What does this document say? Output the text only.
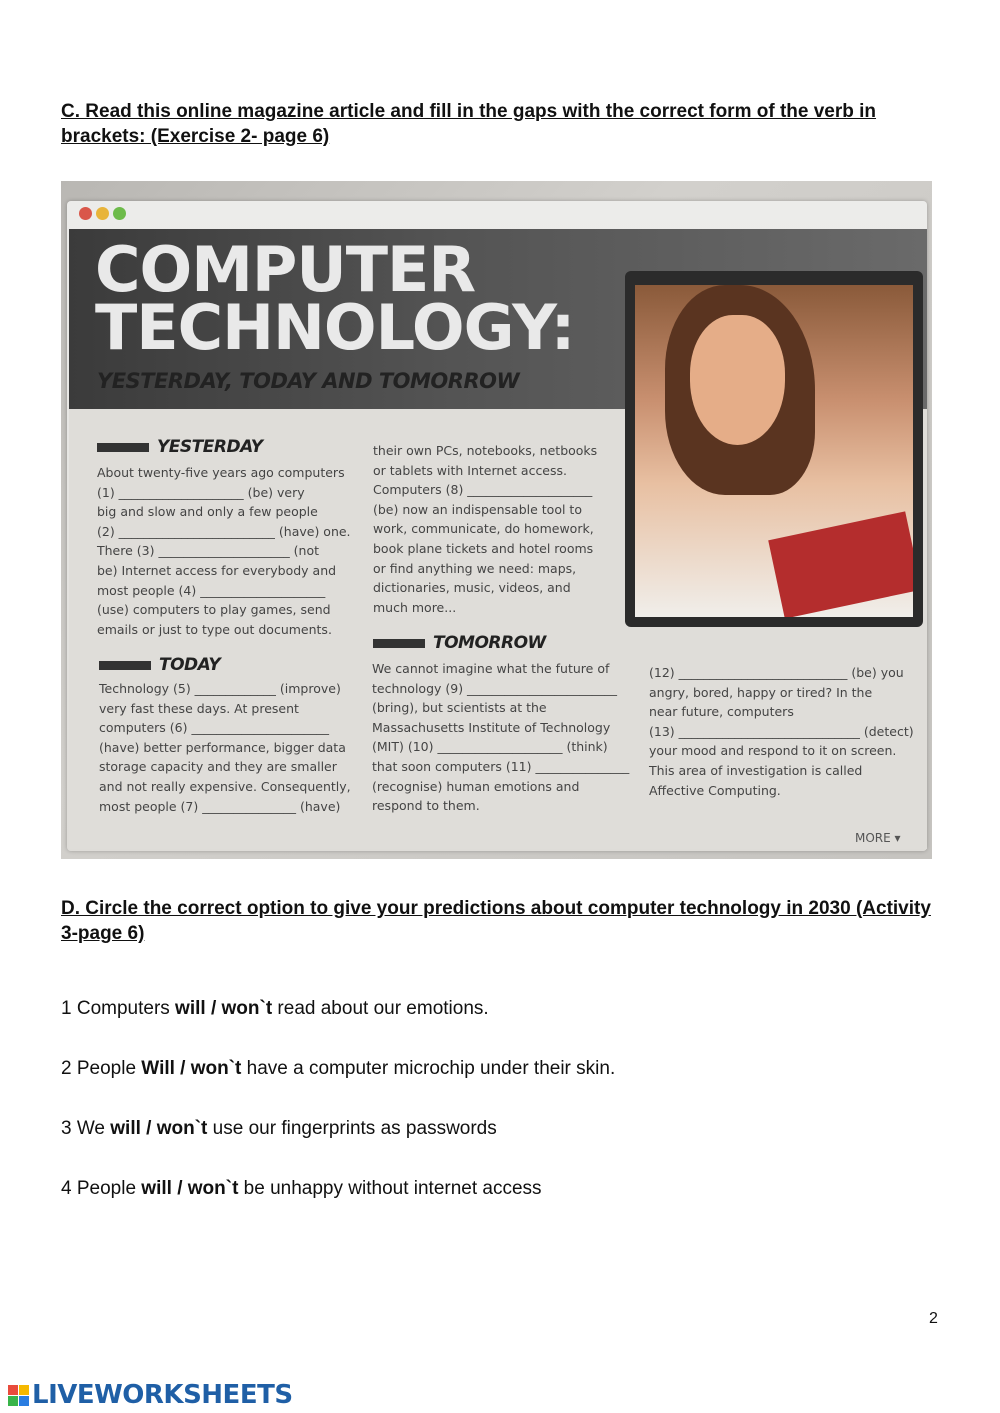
C. Read this online magazine article and fill in the gaps with the correct form of the verb in brackets: (Exercise 2- page 6)
COMPUTER
TECHNOLOGY:
YESTERDAY, TODAY AND TOMORROW
YESTERDAY
About twenty-five years ago computers
(1) ____________________ (be) very
big and slow and only a few people
(2) _________________________ (have) one.
There (3) _____________________ (not
be) Internet access for everybody and
most people (4) ____________________
(use) computers to play games, send
emails or just to type out documents.
TODAY
Technology (5) _____________ (improve)
very fast these days. At present
computers (6) ______________________
(have) better performance, bigger data
storage capacity and they are smaller
and not really expensive. Consequently,
most people (7) _______________ (have)
their own PCs, notebooks, netbooks
or tablets with Internet access.
Computers (8) ____________________
(be) now an indispensable tool to
work, communicate, do homework,
book plane tickets and hotel rooms
or find anything we need: maps,
dictionaries, music, videos, and
much more...
TOMORROW
We cannot imagine what the future of
technology (9) ________________________
(bring), but scientists at the
Massachusetts Institute of Technology
(MIT) (10) ____________________ (think)
that soon computers (11) _______________
(recognise) human emotions and
respond to them.
(12) ___________________________ (be) you
angry, bored, happy or tired? In the
near future, computers
(13) _____________________________ (detect)
your mood and respond to it on screen.
This area of investigation is called
Affective Computing.
MORE ▾
D. Circle the correct option to give your predictions about computer technology in 2030 (Activity 3-page 6)
1 Computers will / won`t read about our emotions.
2 People Will / won`t have a computer microchip under their skin.
3 We will / won`t use our fingerprints as passwords
4 People will / won`t be unhappy without internet access
2
LIVEWORKSHEETS
